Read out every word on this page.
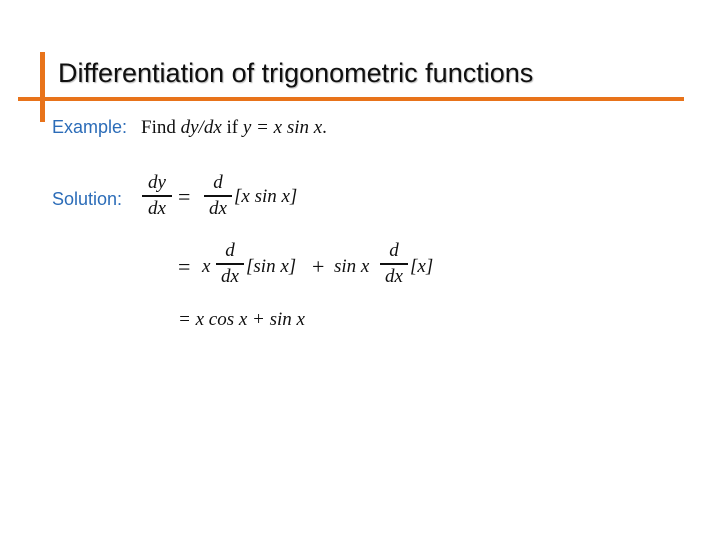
Differentiation of trigonometric functions
Example: Find dy/dx if y = x sin x.
Solution:
dy
dx =
d
dx
[x sin x]
= x
d
dx [sin x] + sin x
d
dx [x]
= x cos x + sin x
